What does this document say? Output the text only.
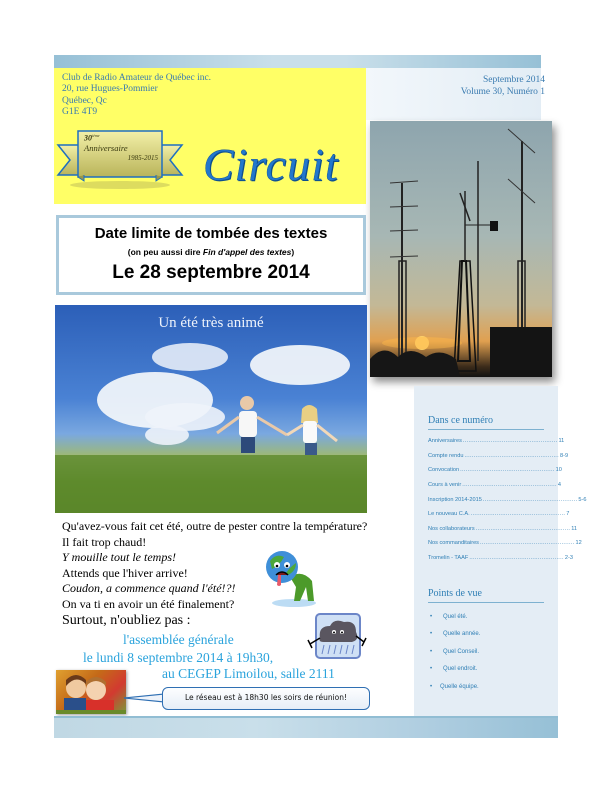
Club de Radio Amateur de Québec inc.
20, rue Hugues-Pommier
Québec, Qc
G1E 4T9
Septembre 2014
Volume 30, Numéro 1
30ième
Anniversaire
1985-2015 Circuit
Date limite de tombée des textes
(on peu aussi dire Fin d'appel des textes)
Le 28 septembre 2014
Un été très animé
Qu'avez-vous fait cet été, outre de pester contre la température?
Il fait trop chaud!
Y mouille tout le temps!
Attends que l'hiver arrive!
Coudon, a commence quand l'été!?!
On va ti en avoir un été finalement?
Surtout, n'oubliez pas :
l'assemblée générale
le lundi 8 septembre 2014 à 19h30,
au CEGEP Limoilou, salle 2111
Le réseau est à 18h30 les soirs de réunion!
Dans ce numéro
Anniversaires ................................................... 11
Compte rendu ................................................... 8-9
Convocation ................................................... 10
Cours à venir ................................................... 4
Inscription 2014-2015 ................................................... 5-6
Le nouveau C.A. ................................................... 7
Nos collaborateurs ................................................... 11
Nos commanditaires ................................................... 12
Tromelin - TAAF ................................................... 2-3
Points de vue
•	Quel été.
•	Quelle année.
•	Quel Conseil.
•	Quel endroit.
•	Quelle équipe.
